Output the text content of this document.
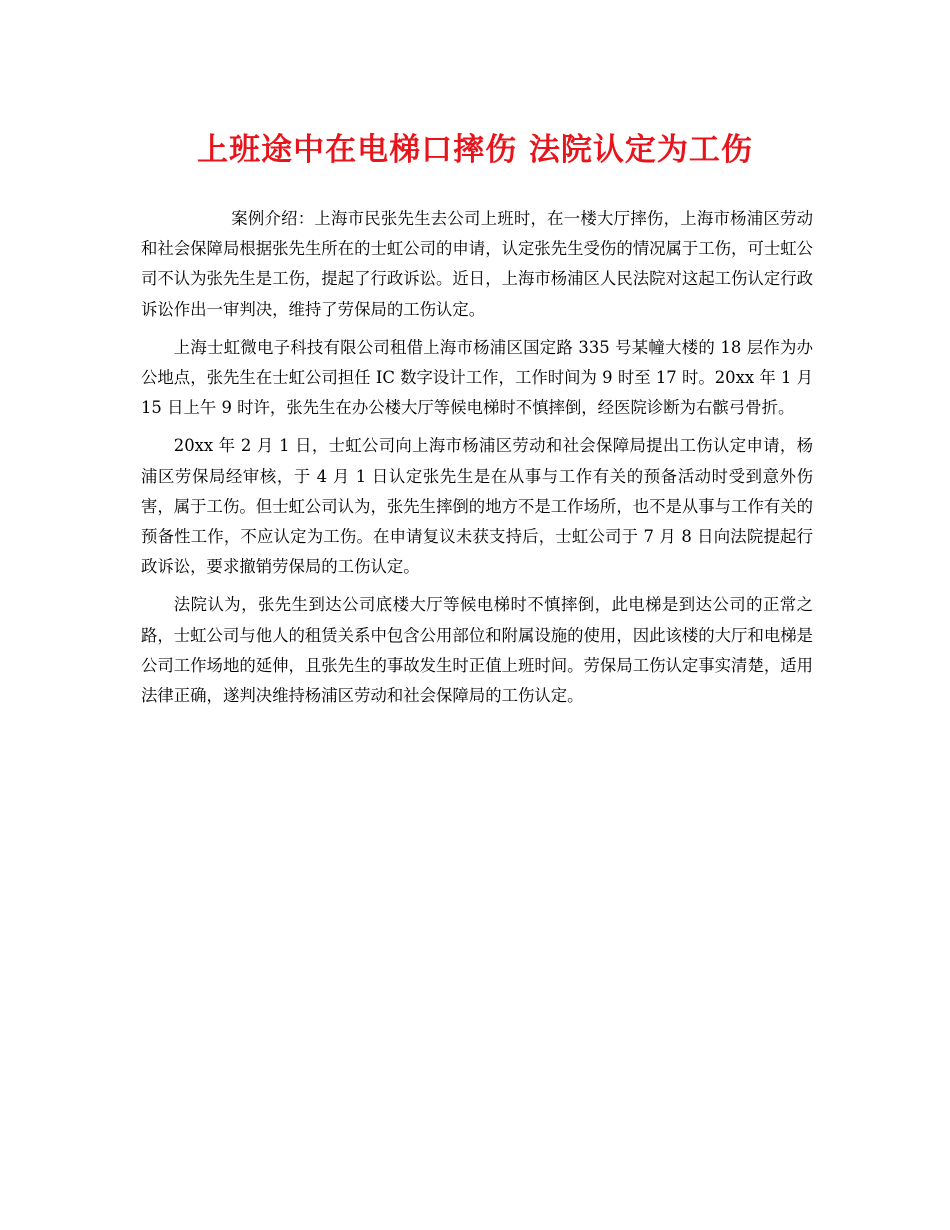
上班途中在电梯口摔伤 法院认定为工伤

案例介绍：上海市民张先生去公司上班时，在一楼大厅摔伤，上海市杨浦区劳动和社会保障局根据张先生所在的士虹公司的申请，认定张先生受伤的情况属于工伤，可士虹公司不认为张先生是工伤，提起了行政诉讼。近日，上海市杨浦区人民法院对这起工伤认定行政诉讼作出一审判决，维持了劳保局的工伤认定。

上海士虹微电子科技有限公司租借上海市杨浦区国定路 335 号某幢大楼的 18 层作为办公地点，张先生在士虹公司担任 IC 数字设计工作，工作时间为 9 时至 17 时。20xx 年 1 月 15 日上午 9 时许，张先生在办公楼大厅等候电梯时不慎摔倒，经医院诊断为右髌弓骨折。

20xx 年 2 月 1 日，士虹公司向上海市杨浦区劳动和社会保障局提出工伤认定申请，杨浦区劳保局经审核，于 4 月 1 日认定张先生是在从事与工作有关的预备活动时受到意外伤害，属于工伤。但士虹公司认为，张先生摔倒的地方不是工作场所，也不是从事与工作有关的预备性工作，不应认定为工伤。在申请复议未获支持后，士虹公司于 7 月 8 日向法院提起行政诉讼，要求撤销劳保局的工伤认定。

法院认为，张先生到达公司底楼大厅等候电梯时不慎摔倒，此电梯是到达公司的正常之路，士虹公司与他人的租赁关系中包含公用部位和附属设施的使用，因此该楼的大厅和电梯是公司工作场地的延伸，且张先生的事故发生时正值上班时间。劳保局工伤认定事实清楚，适用法律正确，遂判决维持杨浦区劳动和社会保障局的工伤认定。
